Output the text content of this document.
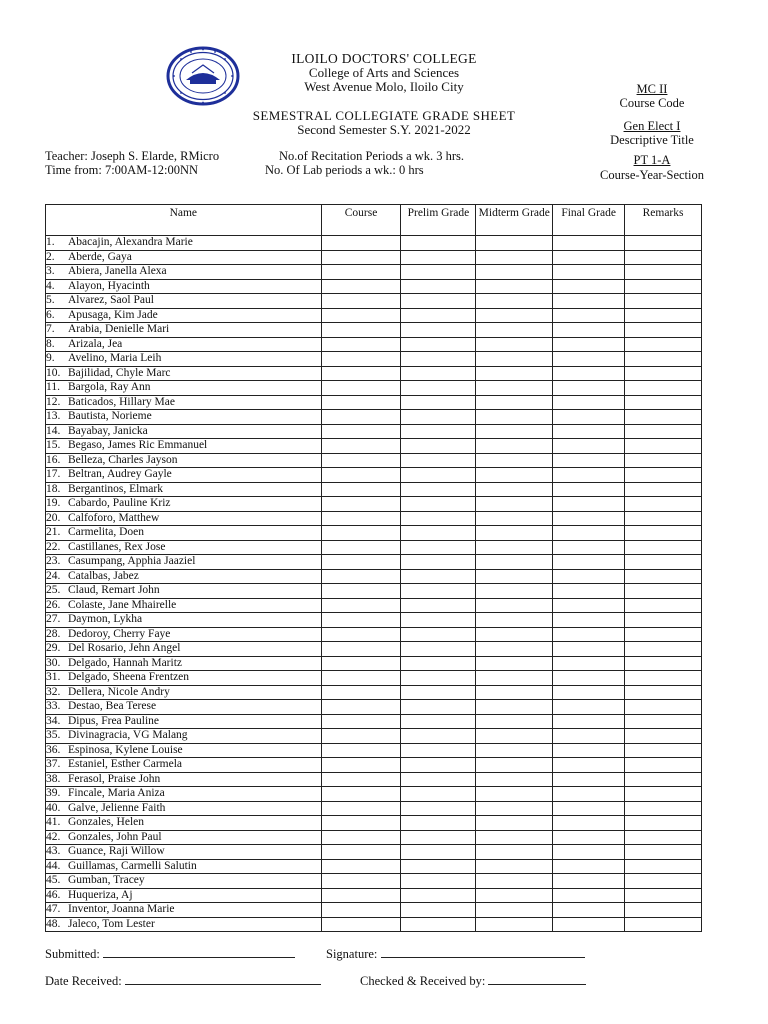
ILOILO DOCTORS' COLLEGE
College of Arts and Sciences
West Avenue Molo, Iloilo City
SEMESTRAL COLLEGIATE GRADE SHEET
Second Semester S.Y. 2021-2022
MC II
Course Code
Gen Elect I
Descriptive Title
PT 1-A
Course-Year-Section
Teacher: Joseph S. Elarde, RMicro	No.of Recitation Periods a wk. 3 hrs.
Time from: 7:00AM-12:00NN	No. Of Lab periods a wk.: 0 hrs
Name	Course	Prelim Grade	Midterm Grade	Final Grade	Remarks
1. Abacajin, Alexandra Marie					
2. Aberde, Gaya					
3. Abiera, Janella Alexa					
4. Alayon, Hyacinth					
5. Alvarez, Saol Paul					
6. Apusaga, Kim Jade					
7. Arabia, Denielle Mari					
8. Arizala, Jea					
9. Avelino, Maria Leih					
10. Bajilidad, Chyle Marc					
11. Bargola, Ray Ann					
12. Baticados, Hillary Mae					
13. Bautista, Norieme					
14. Bayabay, Janicka					
15. Begaso, James Ric Emmanuel					
16. Belleza, Charles Jayson					
17. Beltran, Audrey Gayle					
18. Bergantinos, Elmark					
19. Cabardo, Pauline Kriz					
20. Calfoforo, Matthew					
21. Carmelita, Doen					
22. Castillanes, Rex Jose					
23. Casumpang, Apphia Jaaziel					
24. Catalbas, Jabez					
25. Claud, Remart John					
26. Colaste, Jane Mhairelle					
27. Daymon, Lykha					
28. Dedoroy, Cherry Faye					
29. Del Rosario, Jehn Angel					
30. Delgado, Hannah Maritz					
31. Delgado, Sheena Frentzen					
32. Dellera, Nicole Andry					
33. Destao, Bea Terese					
34. Dipus, Frea Pauline					
35. Divinagracia, VG Malang					
36. Espinosa, Kylene Louise					
37. Estaniel, Esther Carmela					
38. Ferasol, Praise John					
39. Fincale, Maria Aniza					
40. Galve, Jelienne Faith					
41. Gonzales, Helen					
42. Gonzales, John Paul					
43. Guance, Raji Willow					
44. Guillamas, Carmelli Salutin					
45. Gumban, Tracey					
46. Huqueriza, Aj					
47. Inventor, Joanna Marie					
48. Jaleco, Tom Lester					
Submitted:	Signature:
Date Received:	Checked & Received by:
